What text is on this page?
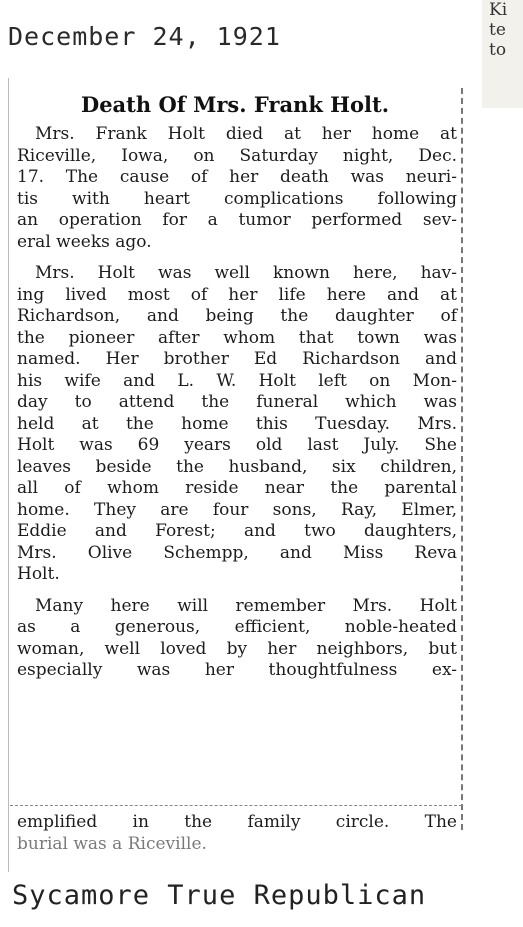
December 24, 1921
Ki
te
to
Death Of Mrs. Frank Holt.
Mrs. Frank Holt died at her home at
Riceville, Iowa, on Saturday night, Dec.
17. The cause of her death was neuri-
tis with heart complications following
an operation for a tumor performed sev-
eral weeks ago.
Mrs. Holt was well known here, hav-
ing lived most of her life here and at
Richardson, and being the daughter of
the pioneer after whom that town was
named. Her brother Ed Richardson and
his wife and L. W. Holt left on Mon-
day to attend the funeral which was
held at the home this Tuesday. Mrs.
Holt was 69 years old last July. She
leaves beside the husband, six children,
all of whom reside near the parental
home. They are four sons, Ray, Elmer,
Eddie and Forest; and two daughters,
Mrs. Olive Schempp, and Miss Reva
Holt.
Many here will remember Mrs. Holt
as a generous, efficient, noble-heated
woman, well loved by her neighbors, but
especially was her thoughtfulness ex-
emplified in the family circle. The
burial was a Riceville.
Sycamore True Republican
